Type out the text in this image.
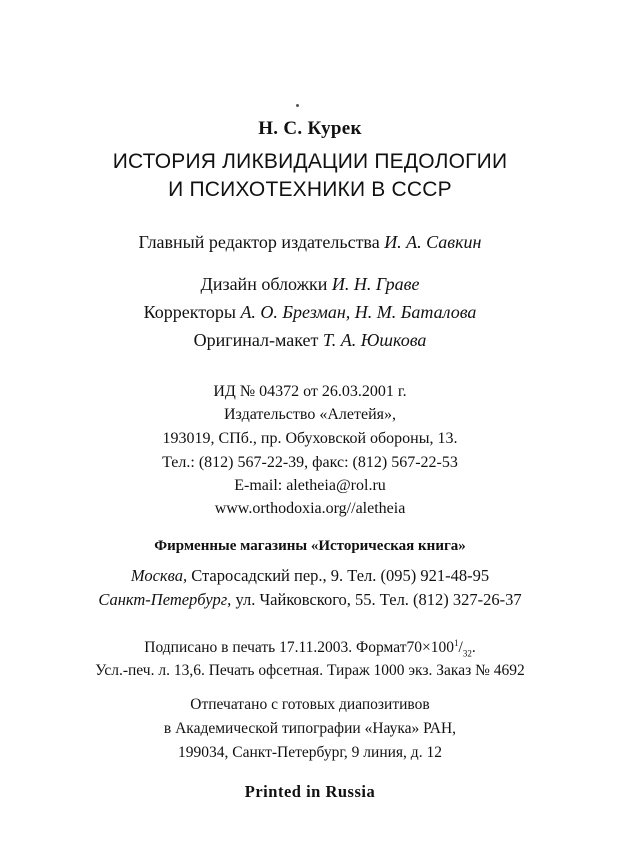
Н. С. Курек
ИСТОРИЯ ЛИКВИДАЦИИ ПЕДОЛОГИИ
И ПСИХОТЕХНИКИ В СССР
Главный редактор издательства И. А. Савкин
Дизайн обложки И. Н. Граве
Корректоры А. О. Брезман, Н. М. Баталова
Оригинал-макет Т. А. Юшкова
ИД № 04372 от 26.03.2001 г.
Издательство «Алетейя»,
193019, СПб., пр. Обуховской обороны, 13.
Тел.: (812) 567-22-39, факс: (812) 567-22-53
E-mail: aletheia@rol.ru
www.orthodoxia.org//aletheia
Фирменные магазины «Историческая книга»
Москва, Старосадский пер., 9. Тел. (095) 921-48-95
Санкт-Петербург, ул. Чайковского, 55. Тел. (812) 327-26-37
Подписано в печать 17.11.2003. $Формат70\times 100^1/_{32}$.
Усл.-печ. л. 13,6. Печать офсетная. Тираж 1000 экз. Заказ № 4692
Отпечатано с готовых диапозитивов
в Академической типографии «Наука» РАН,
199034, Санкт-Петербург, 9 линия, д. 12
Printed in Russia
